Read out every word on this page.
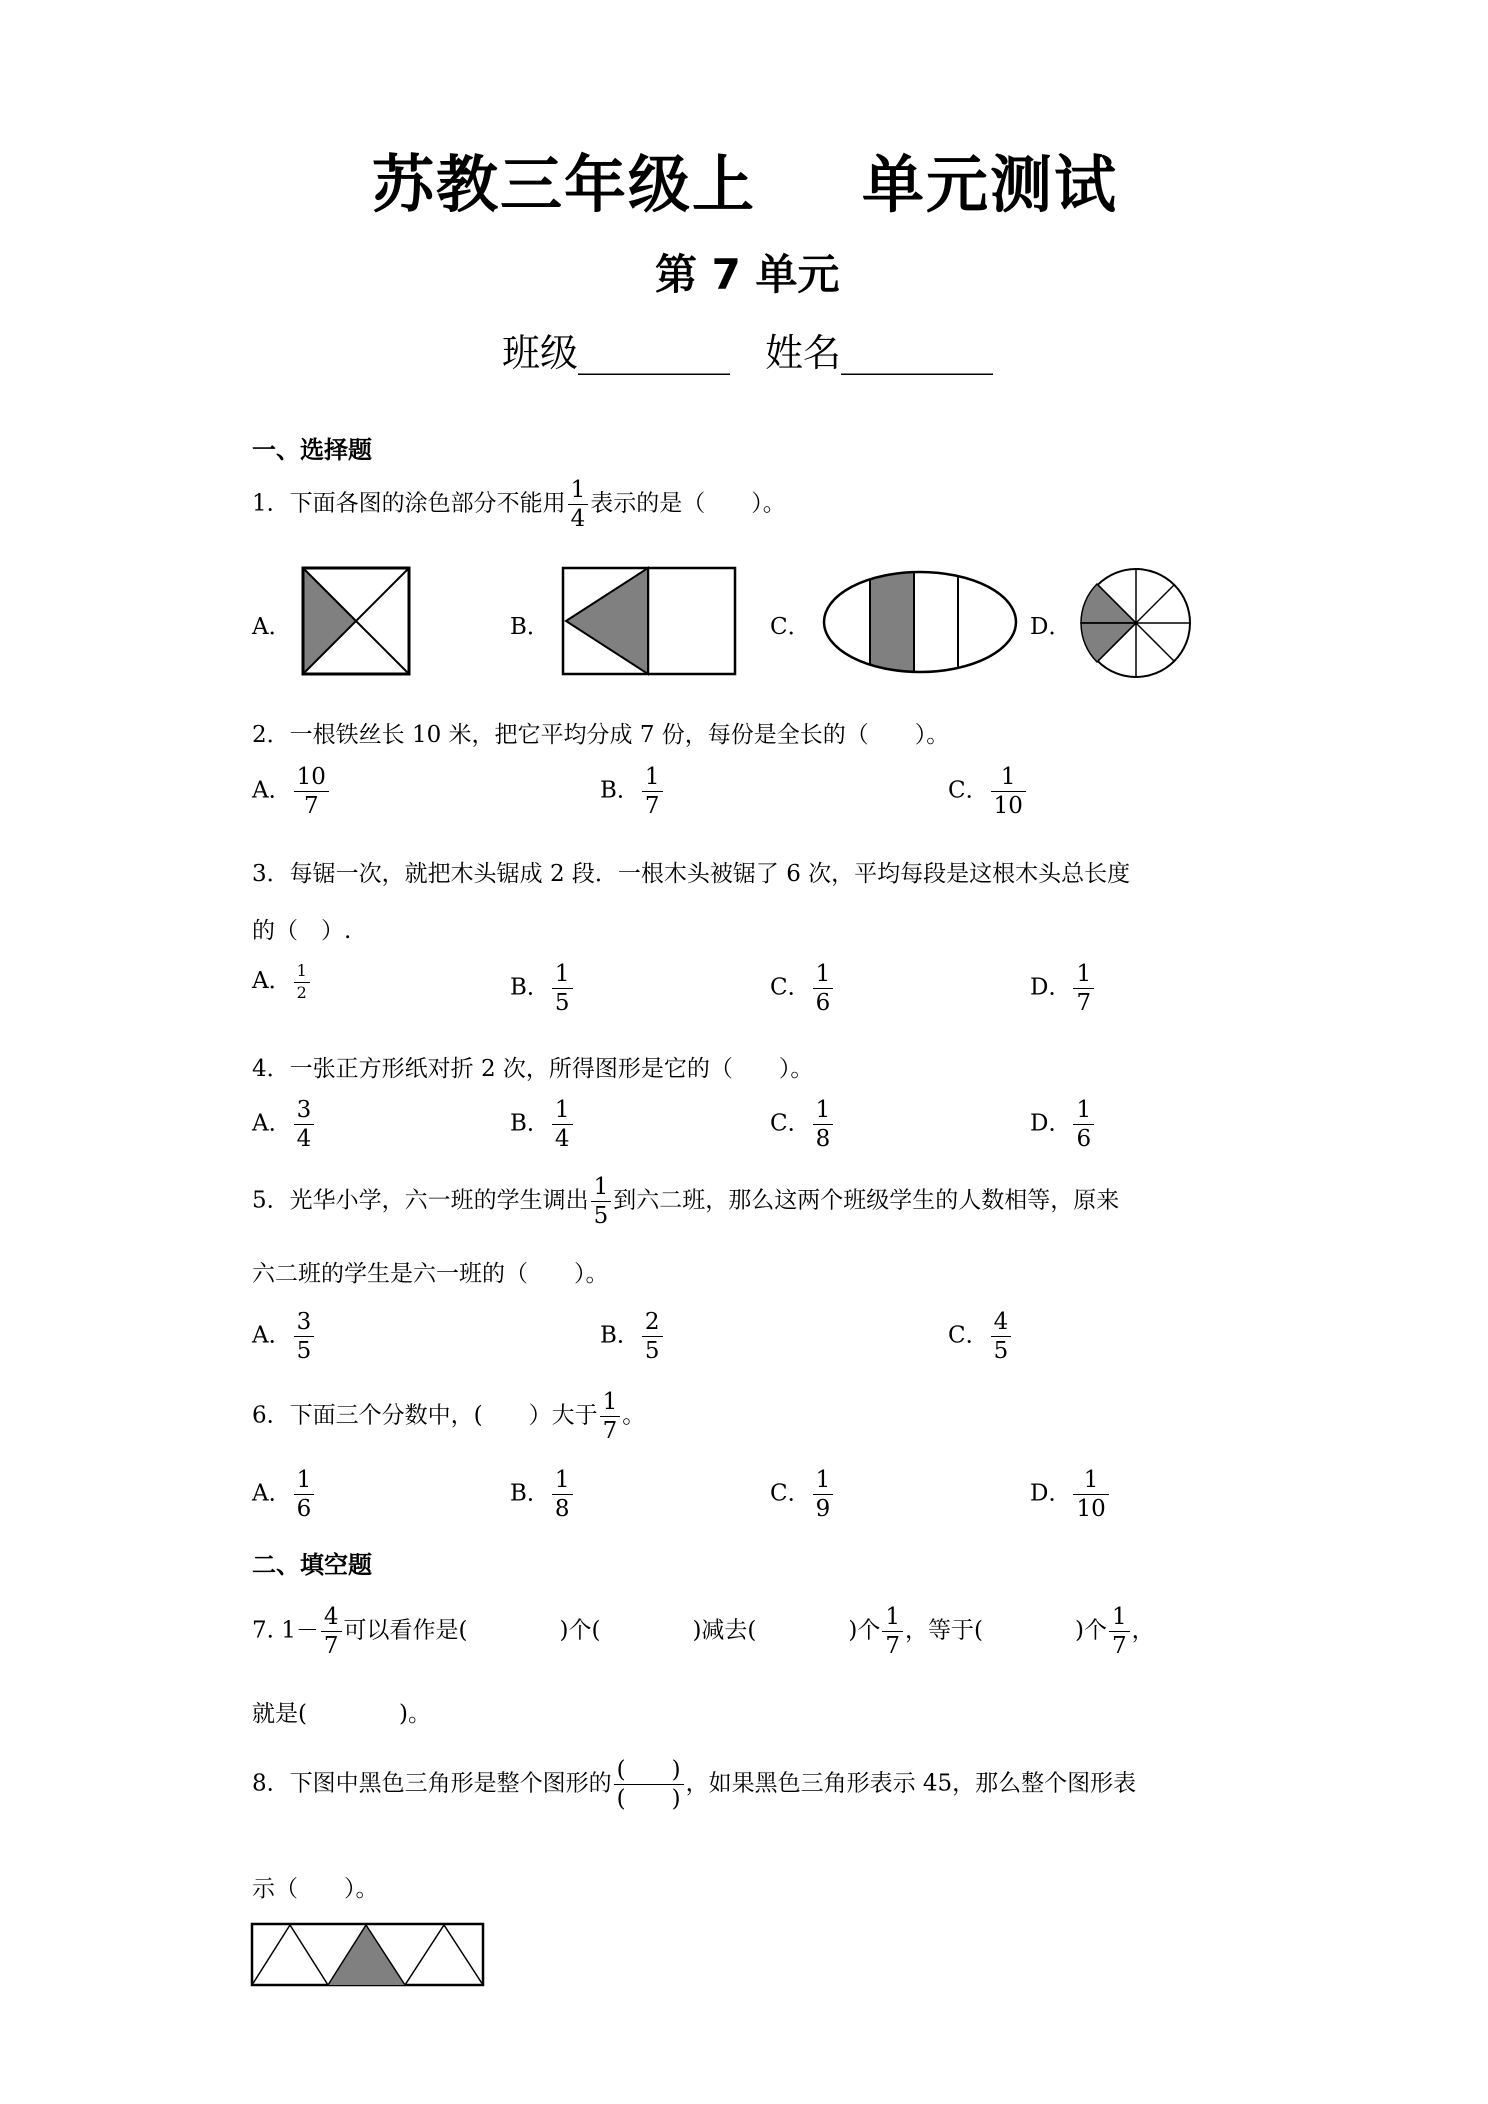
苏教三年级上 单元测试
第 7 单元
班级________ 姓名________
一、选择题
1．下面各图的涂色部分不能用 $\frac{1}{4}$ 表示的是（　　）。
A．	B．	C．	D．
2．一根铁丝长 10 米，把它平均分成 7 份，每份是全长的（　　）。
A． $\frac{10}{7}$	B． $\frac{1}{7}$	C． $\frac{1}{10}$
3．每锯一次，就把木头锯成 2 段．一根木头被锯了 6 次，平均每段是这根木头总长度
的（　）.
A． $\frac{1}{2}$	B． $\frac{1}{5}$	C． $\frac{1}{6}$	D． $\frac{1}{7}$
4．一张正方形纸对折 2 次，所得图形是它的（　　）。
A． $\frac{3}{4}$	B． $\frac{1}{4}$	C． $\frac{1}{8}$	D． $\frac{1}{6}$
5．光华小学，六一班的学生调出 $\frac{1}{5}$ 到六二班，那么这两个班级学生的人数相等，原来
六二班的学生是六一班的（　　）。
A． $\frac{3}{5}$	B． $\frac{2}{5}$	C． $\frac{4}{5}$
6．下面三个分数中，(　　）大于 $\frac{1}{7}$ 。
A． $\frac{1}{6}$	B． $\frac{1}{8}$	C． $\frac{1}{9}$	D． $\frac{1}{10}$
二、填空题
7. $1- \frac{4}{7}$ 可以看作是(　　　　)个(　　　　)减去(　　　　)个 $\frac{1}{7}$ ，等于(　　　　)个 $\frac{1}{7}$ ，
就是(　　　　)。
8．下图中黑色三角形是整个图形的 $\frac{( )}{( )}$ ，如果黑色三角形表示 45，那么整个图形表
示（　　）。
